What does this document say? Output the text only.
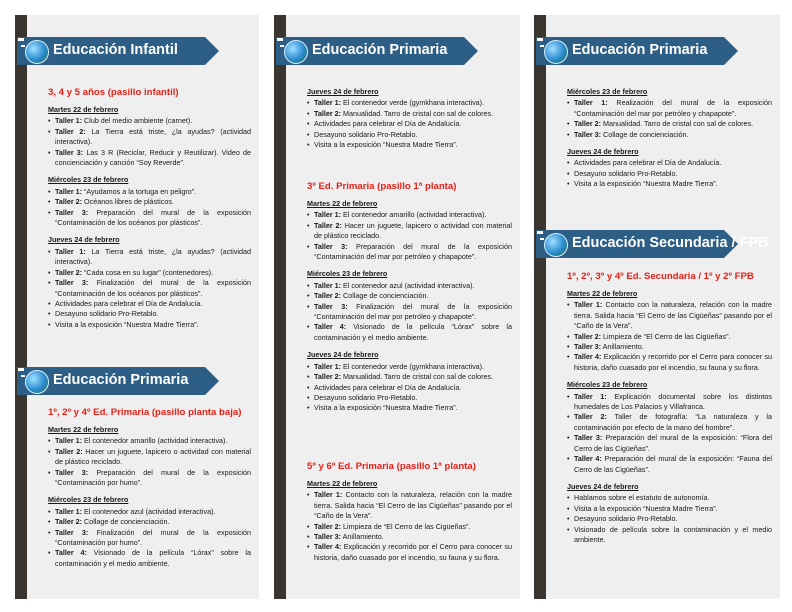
Educación Infantil
3, 4 y 5 años (pasillo infantil)
Martes 22 de febrero
• Taller 1: Club del medio ambiente (carnet).
• Taller 2: La Tierra está triste, ¿la ayudas? (actividad interactiva).
• Taller 3: Las 3 R (Reciclar, Reducir y Reutilizar). Video de concienciación y canción “Soy Reverde”.
Miércoles 23 de febrero
• Taller 1: “Ayudamos a la tortuga en peligro”.
• Taller 2: Océanos libres de plásticos.
• Taller 3: Preparación del mural de la exposición “Contaminación de los océanos por plásticos”.
Jueves 24 de febrero
• Taller 1: La Tierra está triste, ¿la ayudas? (actividad interactiva).
• Taller 2: “Cada cosa en su lugar” (contenedores).
• Taller 3: Finalización del mural de la exposición “Contaminación de los océanos por plásticos”.
• Actividades para celebrar el Día de Andalucía.
• Desayuno solidario Pro-Retablo.
• Visita a la exposición “Nuestra Madre Tierra”.
Educación Primaria
1º, 2º y 4º Ed. Primaria (pasillo planta baja)
Martes 22 de febrero
• Taller 1: El contenedor amarillo (actividad interactiva).
• Taller 2: Hacer un juguete, lapicero o actividad con material de plástico reciclado.
• Taller 3: Preparación del mural de la exposición “Contaminación por humo”.
Miércoles 23 de febrero
• Taller 1: El contenedor azul (actividad interactiva).
• Taller 2: Collage de concienciación.
• Taller 3: Finalización del mural de la exposición “Contaminación por humo”.
• Taller 4: Visionado de la película “Lórax” sobre la contaminación y el medio ambiente.
Educación Primaria
Jueves 24 de febrero
• Taller 1: El contenedor verde (gymkhana interactiva).
• Taller 2: Manualidad. Tarro de cristal con sal de colores.
• Actividades para celebrar el Día de Andalucía.
• Desayuno solidario Pro-Retablo.
• Visita a la exposición “Nuestra Madre Tierra”.
3º Ed. Primaria (pasillo 1ª planta)
Martes 22 de febrero
• Taller 1: El contenedor amarillo (actividad interactiva).
• Taller 2: Hacer un juguete, lapicero o actividad con material de plástico reciclado.
• Taller 3: Preparación del mural de la exposición “Contaminación del mar por petróleo y chapapote”.
Miércoles 23 de febrero
• Taller 1: El contenedor azul (actividad interactiva).
• Taller 2: Collage de concienciación.
• Taller 3: Finalización del mural de la exposición “Contaminación del mar por petróleo y chapapote”.
• Taller 4: Visionado de la película “Lórax” sobre la contaminación y el medio ambiente.
Jueves 24 de febrero
• Taller 1: El contenedor verde (gymkhana interactiva).
• Taller 2: Manualidad. Tarro de cristal con sal de colores.
• Actividades para celebrar el Día de Andalucía.
• Desayuno solidario Pro-Retablo.
• Visita a la exposición “Nuestra Madre Tierra”.
5º y 6º Ed. Primaria (pasillo 1ª planta)
Martes 22 de febrero
• Taller 1: Contacto con la naturaleza, relación con la madre tierra. Salida hacia “El Cerro de las Cigüeñas” pasando por el “Caño de la Vera”.
• Taller 2: Limpieza de “El Cerro de las Cigüeñas”.
• Taller 3: Anillamiento.
• Taller 4: Explicación y recorrido por el Cerro para conocer su historia, daño cuasado por el incendio, su fauna y su flora.
Educación Primaria
Miércoles 23 de febrero
• Taller 1: Realización del mural de la exposición “Contaminación del mar por petróleo y chapapote”.
• Taller 2: Manualidad. Tarro de cristal con sal de colores.
• Taller 3: Collage de concienciación.
Jueves 24 de febrero
• Actividades para celebrar el Día de Andalucía.
• Desayuno solidario Pro-Retablo.
• Visita a la exposición “Nuestra Madre Tierra”.
Educación Secundaria / FPB
1º, 2º, 3º y 4º Ed. Secundaria / 1º y 2º FPB
Martes 22 de febrero
• Taller 1: Contacto con la naturaleza, relación con la madre tierra. Salida hacia “El Cerro de las Cigüeñas” pasando por el “Caño de la Vera”.
• Taller 2: Limpieza de “El Cerro de las Cigüeñas”.
• Taller 3: Anillamiento.
• Taller 4: Explicación y recorrido por el Cerro para conocer su historia, daño cuasado por el incendio, su fauna y su flora.
Miércoles 23 de febrero
• Taller 1: Explicación documental sobre los distintos humedales de Los Palacios y Villafranca.
• Taller 2: Taller de fotografía: “La naturaleza y la contaminación por efecto de la mano del hombre”.
• Taller 3: Preparación del mural de la exposición: “Flora del Cerro de las Cigüeñas”.
• Taller 4: Preparación del mural de la exposición: “Fauna del Cerro de las Cigüeñas”.
Jueves 24 de febrero
• Hablamos sobre el estatuto de autonomía.
• Visita a la exposición “Nuestra Madre Tierra”.
• Desayuno solidario Pro-Retablo.
• Visionado de película sobre la contaminación y el medio ambiente.
